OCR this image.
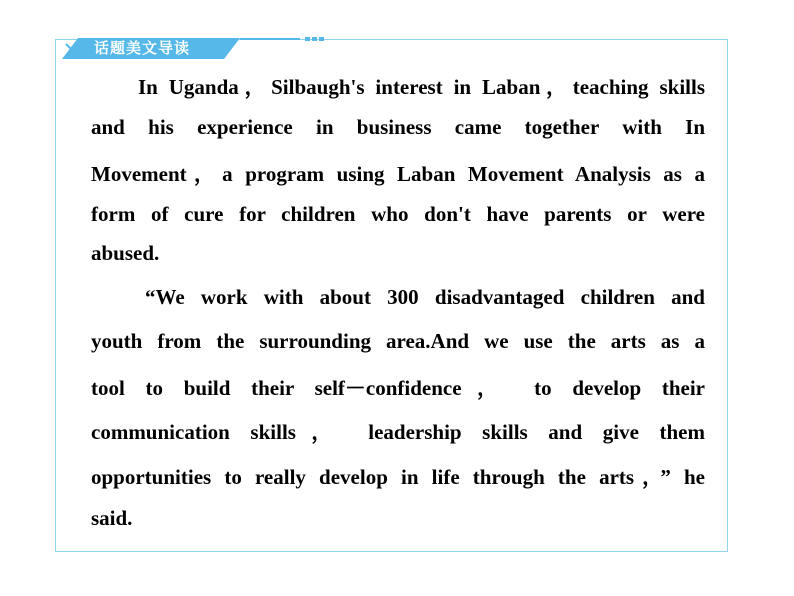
话题美文导读

In Uganda，Silbaugh's interest in Laban，teaching skills

and his experience in business came together with In

Movement，a program using Laban Movement Analysis as a

form of cure for children who don't have parents or were

abused.

“We work with about 300 disadvantaged children and

youth from the surrounding area.And we use the arts as a

tool to build their self－confidence， to develop their

communication skills， leadership skills and give them

opportunities to really develop in life through the arts，” he

said.
